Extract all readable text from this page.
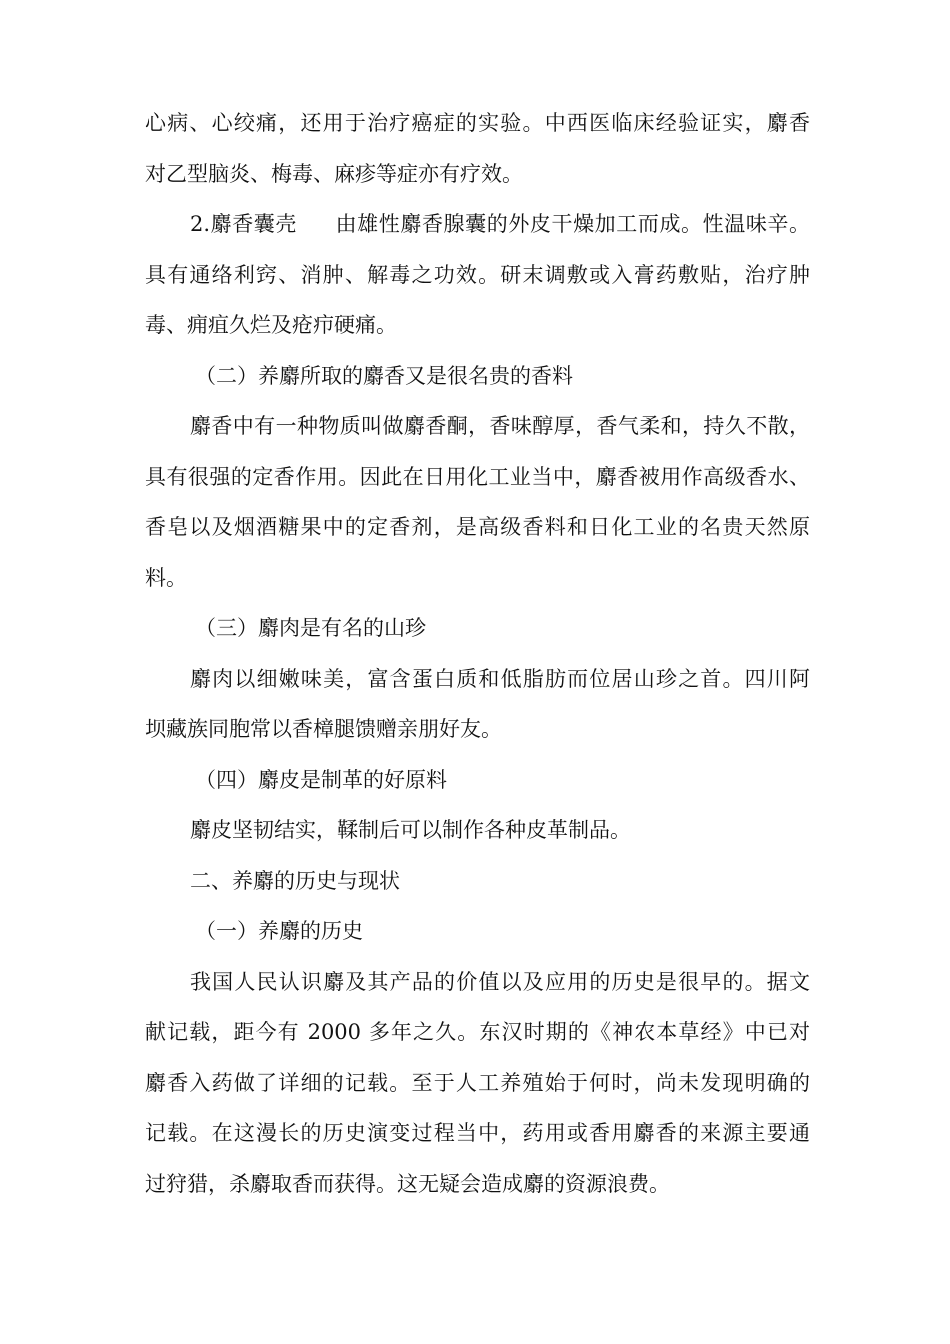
心病、心绞痛，还用于治疗癌症的实验。中西医临床经验证实，麝香
对乙型脑炎、梅毒、麻疹等症亦有疗效。
2.麝香囊壳 由雄性麝香腺囊的外皮干燥加工而成。性温味辛。
具有通络利窍、消肿、解毒之功效。研末调敷或入膏药敷贴，治疗肿
毒、痈疽久烂及疮疖硬痛。
（二）养麝所取的麝香又是很名贵的香料
麝香中有一种物质叫做麝香酮，香味醇厚，香气柔和，持久不散，
具有很强的定香作用。因此在日用化工业当中，麝香被用作高级香水、
香皂以及烟酒糖果中的定香剂，是高级香料和日化工业的名贵天然原
料。
（三）麝肉是有名的山珍
麝肉以细嫩味美，富含蛋白质和低脂肪而位居山珍之首。四川阿
坝藏族同胞常以香樟腿馈赠亲朋好友。
（四）麝皮是制革的好原料
麝皮坚韧结实，鞣制后可以制作各种皮革制品。
二、养麝的历史与现状
（一）养麝的历史
我国人民认识麝及其产品的价值以及应用的历史是很早的。据文
献记载，距今有 2000 多年之久。东汉时期的《神农本草经》中已对
麝香入药做了详细的记载。至于人工养殖始于何时，尚未发现明确的
记载。在这漫长的历史演变过程当中，药用或香用麝香的来源主要通
过狩猎，杀麝取香而获得。这无疑会造成麝的资源浪费。
